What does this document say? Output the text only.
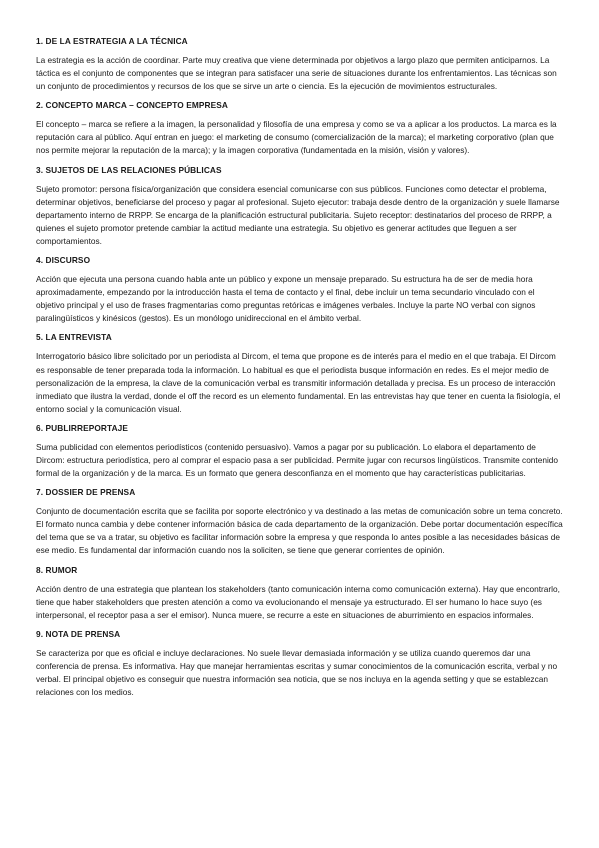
1. DE LA ESTRATEGIA A LA TÉCNICA

La estrategia es la acción de coordinar. Parte muy creativa que viene determinada por objetivos a largo plazo que permiten anticiparnos. La táctica es el conjunto de componentes que se integran para satisfacer una serie de situaciones durante los enfrentamientos. Las técnicas son un conjunto de procedimientos y recursos de los que se sirve un arte o ciencia. Es la ejecución de movimientos estructurales.

2. CONCEPTO MARCA – CONCEPTO EMPRESA

El concepto – marca se refiere a la imagen, la personalidad y filosofía de una empresa y como se va a aplicar a los productos. La marca es la reputación cara al público. Aquí entran en juego: el marketing de consumo (comercialización de la marca); el marketing corporativo (plan que nos permite mejorar la reputación de la marca); y la imagen corporativa (fundamentada en la misión, visión y valores).

3. SUJETOS DE LAS RELACIONES PÚBLICAS

Sujeto promotor: persona física/organización que considera esencial comunicarse con sus públicos. Funciones como detectar el problema, determinar objetivos, beneficiarse del proceso y pagar al profesional. Sujeto ejecutor: trabaja desde dentro de la organización y suele llamarse departamento interno de RRPP. Se encarga de la planificación estructural publicitaria. Sujeto receptor: destinatarios del proceso de RRPP, a quienes el sujeto promotor pretende cambiar la actitud mediante una estrategia. Su objetivo es generar actitudes que lleguen a ser comportamientos.

4. DISCURSO

Acción que ejecuta una persona cuando habla ante un público y expone un mensaje preparado. Su estructura ha de ser de media hora aproximadamente, empezando por la introducción hasta el tema de contacto y el final, debe incluir un tema secundario vinculado con el objetivo principal y el uso de frases fragmentarias como preguntas retóricas e imágenes verbales. Incluye la parte NO verbal con signos paralingüísticos y kinésicos (gestos). Es un monólogo unidireccional en el ámbito verbal.

5. LA ENTREVISTA

Interrogatorio básico libre solicitado por un periodista al Dircom, el tema que propone es de interés para el medio en el que trabaja. El Dircom es responsable de tener preparada toda la información. Lo habitual es que el periodista busque información en redes. Es el mejor medio de personalización de la empresa, la clave de la comunicación verbal es transmitir información detallada y precisa. Es un proceso de interacción inmediato que ilustra la verdad, donde el off the record es un elemento fundamental. En las entrevistas hay que tener en cuenta la fisiología, el entorno social y la comunicación visual.

6. PUBLIRREPORTAJE

Suma publicidad con elementos periodísticos (contenido persuasivo). Vamos a pagar por su publicación. Lo elabora el departamento de Dircom: estructura periodística, pero al comprar el espacio pasa a ser publicidad. Permite jugar con recursos lingüísticos. Transmite contenido formal de la organización y de la marca. Es un formato que genera desconfianza en el momento que hay características publicitarias.

7. DOSSIER DE PRENSA

Conjunto de documentación escrita que se facilita por soporte electrónico y va destinado a las metas de comunicación sobre un tema concreto. El formato nunca cambia y debe contener información básica de cada departamento de la organización. Debe portar documentación específica del tema que se va a tratar, su objetivo es facilitar información sobre la empresa y que responda lo antes posible a las necesidades básicas de ese medio. Es fundamental dar información cuando nos la soliciten, se tiene que generar corrientes de opinión.

8. RUMOR

Acción dentro de una estrategia que plantean los stakeholders (tanto comunicación interna como comunicación externa). Hay que encontrarlo, tiene que haber stakeholders que presten atención a como va evolucionando el mensaje ya estructurado. El ser humano lo hace suyo (es interpersonal, el receptor pasa a ser el emisor). Nunca muere, se recurre a este en situaciones de aburrimiento en espacios informales.

9. NOTA DE PRENSA

Se caracteriza por que es oficial e incluye declaraciones. No suele llevar demasiada información y se utiliza cuando queremos dar una conferencia de prensa. Es informativa. Hay que manejar herramientas escritas y sumar conocimientos de la comunicación escrita, verbal y no verbal. El principal objetivo es conseguir que nuestra información sea noticia, que se nos incluya en la agenda setting y que se establezcan relaciones con los medios.
